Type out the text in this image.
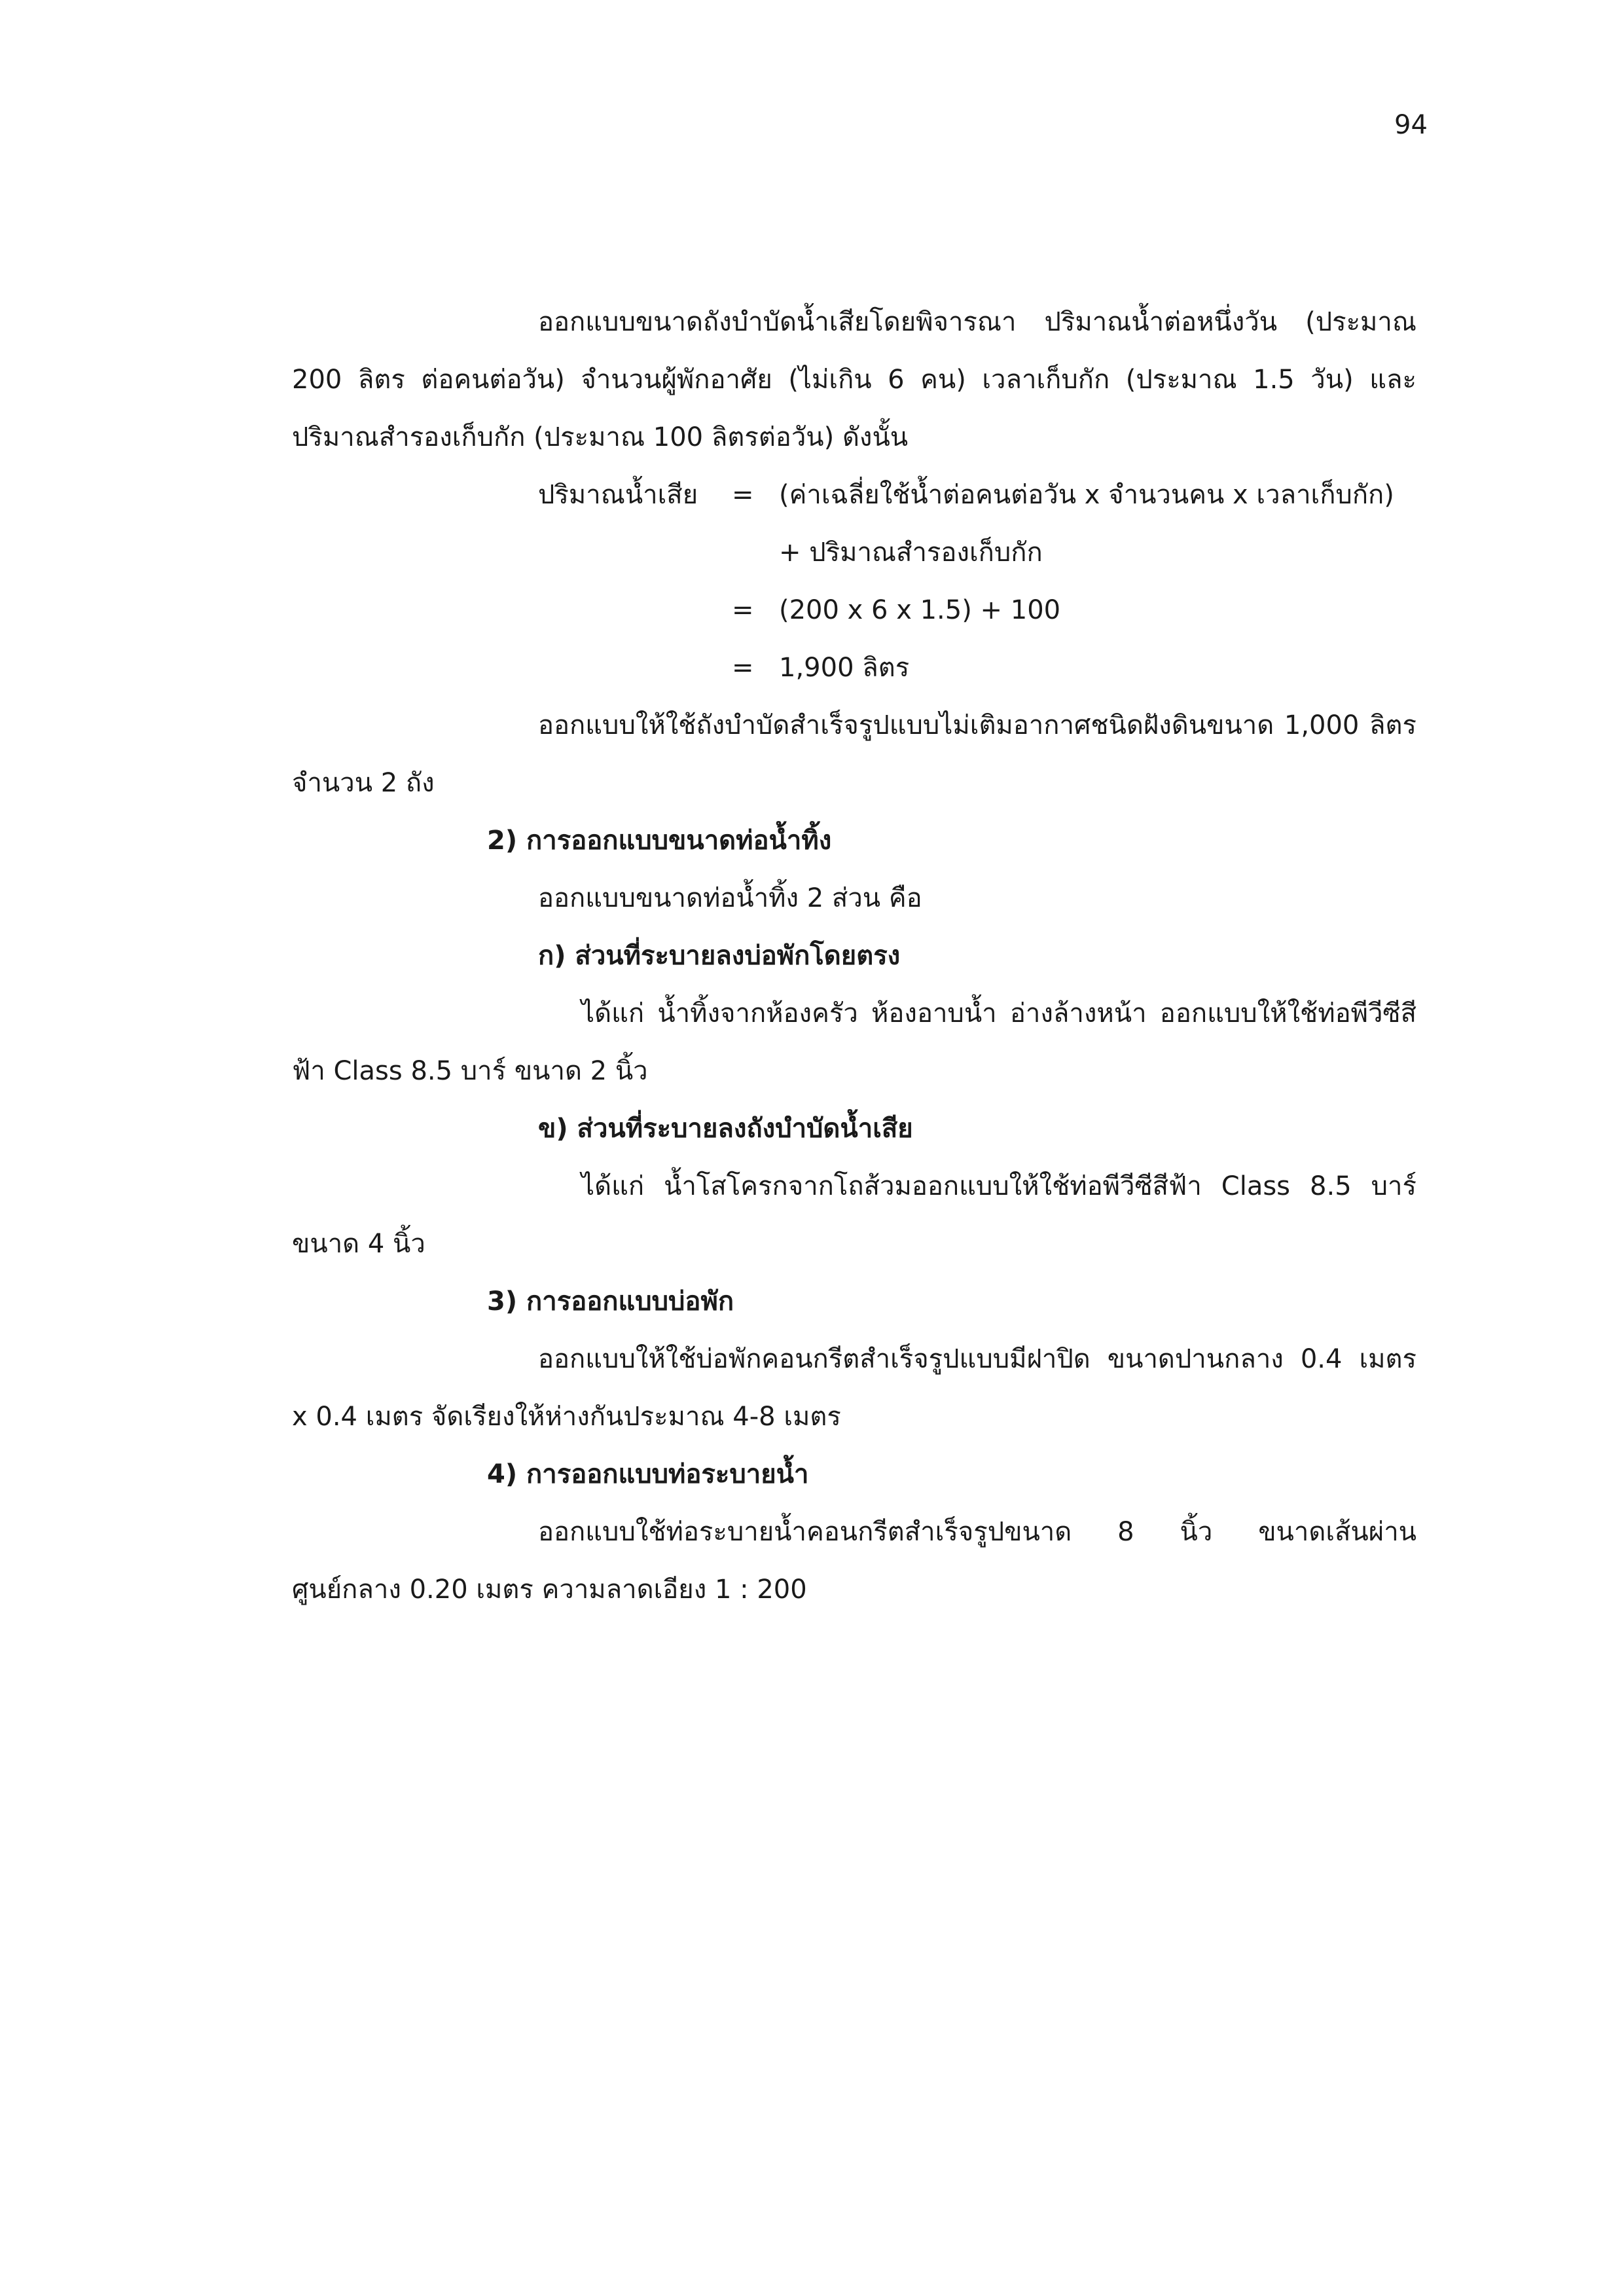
94
ออกแบบขนาดถังบำบัดน้ำเสียโดยพิจารณา ปริมาณน้ำต่อหนึ่งวัน (ประมาณ
200 ลิตร ต่อคนต่อวัน) จำนวนผู้พักอาศัย (ไม่เกิน 6 คน) เวลาเก็บกัก (ประมาณ 1.5 วัน) และ
ปริมาณสำรองเก็บกัก (ประมาณ 100 ลิตรต่อวัน) ดังนั้น
ปริมาณน้ำเสีย = (ค่าเฉลี่ยใช้น้ำต่อคนต่อวัน x จำนวนคน x เวลาเก็บกัก)
+ ปริมาณสำรองเก็บกัก
= (200 x 6 x 1.5) + 100
= 1,900 ลิตร
ออกแบบให้ใช้ถังบำบัดสำเร็จรูปแบบไม่เติมอากาศชนิดฝังดินขนาด 1,000 ลิตร
จำนวน 2 ถัง
2) การออกแบบขนาดท่อน้ำทิ้ง
ออกแบบขนาดท่อน้ำทิ้ง 2 ส่วน คือ
ก) ส่วนที่ระบายลงบ่อพักโดยตรง
ได้แก่ น้ำทิ้งจากห้องครัว ห้องอาบน้ำ อ่างล้างหน้า ออกแบบให้ใช้ท่อพีวีซีสี
ฟ้า Class 8.5 บาร์ ขนาด 2 นิ้ว
ข) ส่วนที่ระบายลงถังบำบัดน้ำเสีย
ได้แก่ น้ำโสโครกจากโถส้วมออกแบบให้ใช้ท่อพีวีซีสีฟ้า Class 8.5 บาร์
ขนาด 4 นิ้ว
3) การออกแบบบ่อพัก
ออกแบบให้ใช้บ่อพักคอนกรีตสำเร็จรูปแบบมีฝาปิด ขนาดปานกลาง 0.4 เมตร
x 0.4 เมตร จัดเรียงให้ห่างกันประมาณ 4-8 เมตร
4) การออกแบบท่อระบายน้ำ
ออกแบบใช้ท่อระบายน้ำคอนกรีตสำเร็จรูปขนาด 8 นิ้ว ขนาดเส้นผ่าน
ศูนย์กลาง 0.20 เมตร ความลาดเอียง 1 : 200
